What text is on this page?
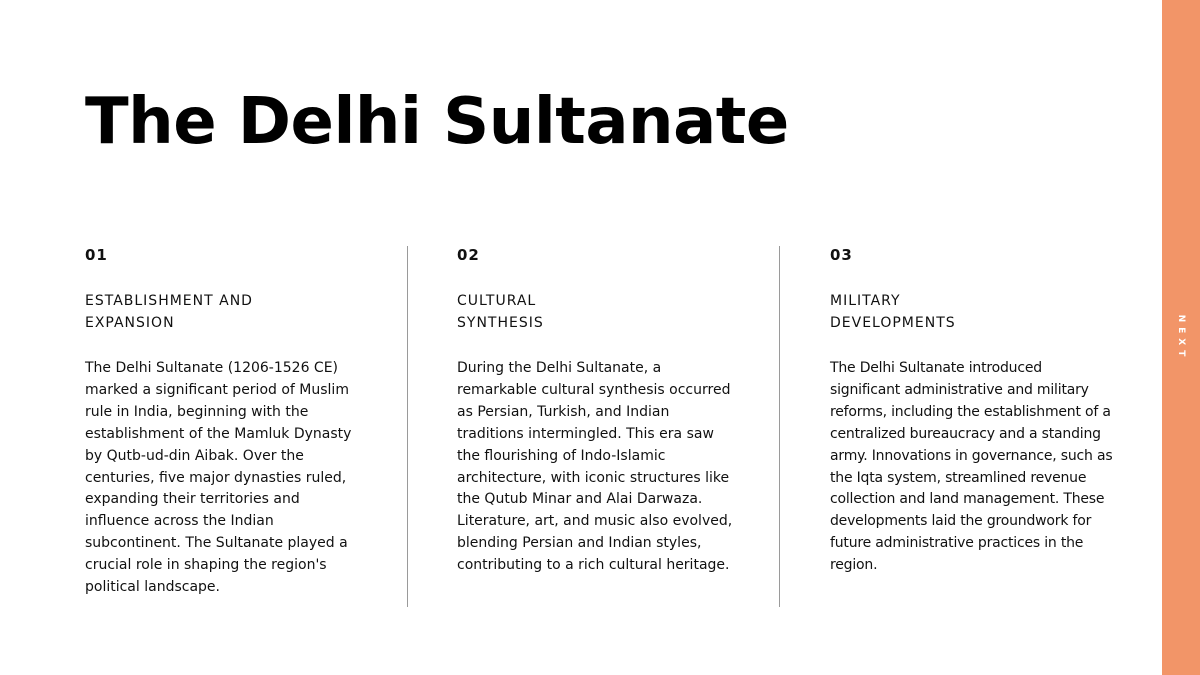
The Delhi Sultanate
01
ESTABLISHMENT AND
EXPANSION

The Delhi Sultanate (1206-1526 CE) marked a significant period of Muslim rule in India, beginning with the establishment of the Mamluk Dynasty by Qutb-ud-din Aibak. Over the centuries, five major dynasties ruled, expanding their territories and influence across the Indian subcontinent. The Sultanate played a crucial role in shaping the region's political landscape.

02
CULTURAL
SYNTHESIS

During the Delhi Sultanate, a remarkable cultural synthesis occurred as Persian, Turkish, and Indian traditions intermingled. This era saw the flourishing of Indo-Islamic architecture, with iconic structures like the Qutub Minar and Alai Darwaza. Literature, art, and music also evolved, blending Persian and Indian styles, contributing to a rich cultural heritage.

03
MILITARY
DEVELOPMENTS

The Delhi Sultanate introduced significant administrative and military reforms, including the establishment of a centralized bureaucracy and a standing army. Innovations in governance, such as the Iqta system, streamlined revenue collection and land management. These developments laid the groundwork for future administrative practices in the region.

NEXT
